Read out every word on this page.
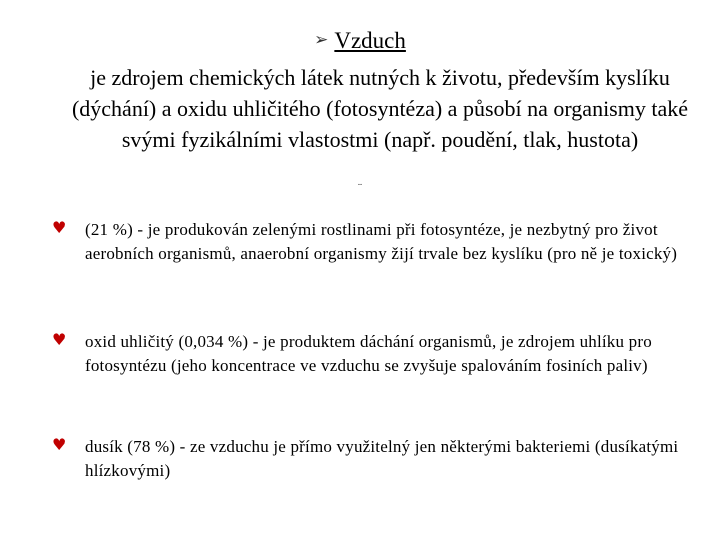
➢ Vzduch
je zdrojem chemických látek nutných k životu, především kyslíku (dýchání) a oxidu uhličitého (fotosyntéza) a působí na organismy také svými fyzikálními vlastostmi (např. poudění, tlak, hustota)
¨
♥ (21 %) - je produkován zelenými rostlinami při fotosyntéze, je nezbytný pro život aerobních organismů, anaerobní organismy žijí trvale bez kyslíku (pro ně je toxický)
♥ oxid uhličitý (0,034 %) - je produktem dáchání organismů, je zdrojem uhlíku pro fotosyntézu (jeho koncentrace ve vzduchu se zvyšuje spalováním fosiních paliv)
♥ dusík (78 %) - ze vzduchu je přímo využitelný jen některými bakteriemi (dusíkatými hlízkovými)
